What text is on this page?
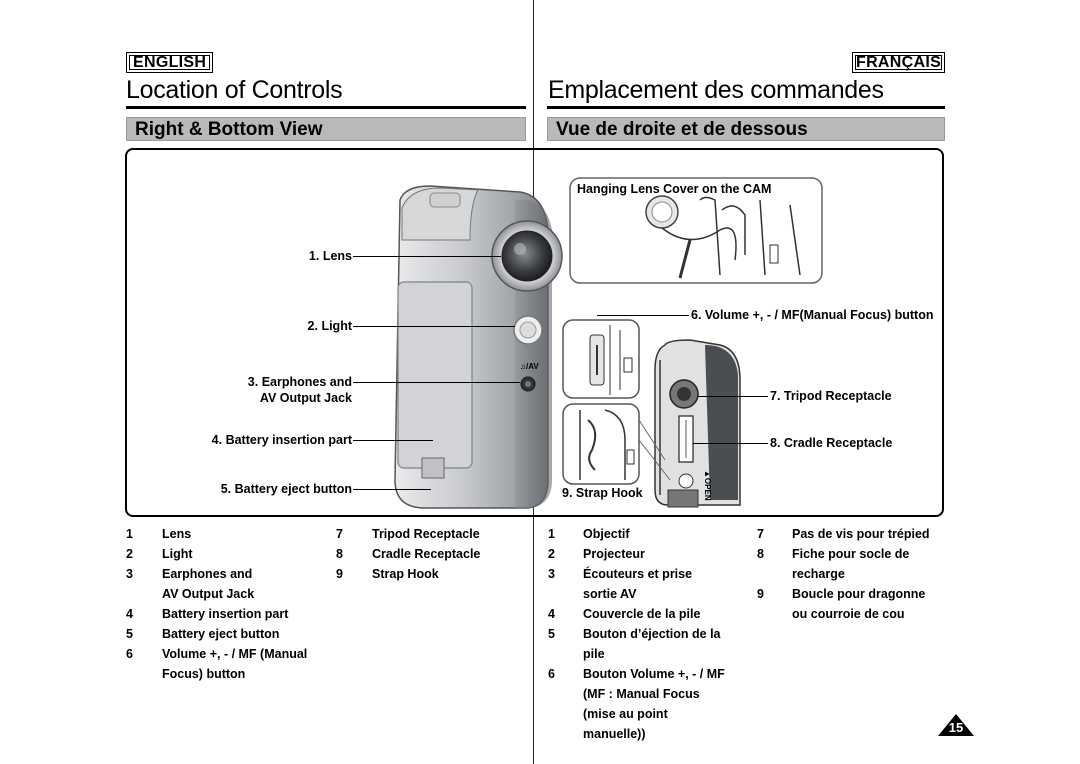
ENGLISH	FRANÇAIS
Location of Controls	Emplacement des commandes
Right & Bottom View	Vue de droite et de dessous
Hanging Lens Cover on the CAM
1. Lens
2. Light
3. Earphones and
AV Output Jack
4. Battery insertion part
5. Battery eject button
6. Volume +, - / MF(Manual Focus) button
7. Tripod Receptacle
8. Cradle Receptacle
9. Strap Hook
♫/AV
▲OPEN
1 Lens
2 Light
3 Earphones and
AV Output Jack
4 Battery insertion part
5 Battery eject button
6 Volume +, - / MF (Manual
Focus) button
7 Tripod Receptacle
8 Cradle Receptacle
9 Strap Hook
1 Objectif
2 Projecteur
3 Écouteurs et prise
sortie AV
4 Couvercle de la pile
5 Bouton d’éjection de la
pile
6 Bouton Volume +, - / MF
(MF : Manual Focus
(mise au point
manuelle))
7 Pas de vis pour trépied
8 Fiche pour socle de
recharge
9 Boucle pour dragonne
ou courroie de cou
15
